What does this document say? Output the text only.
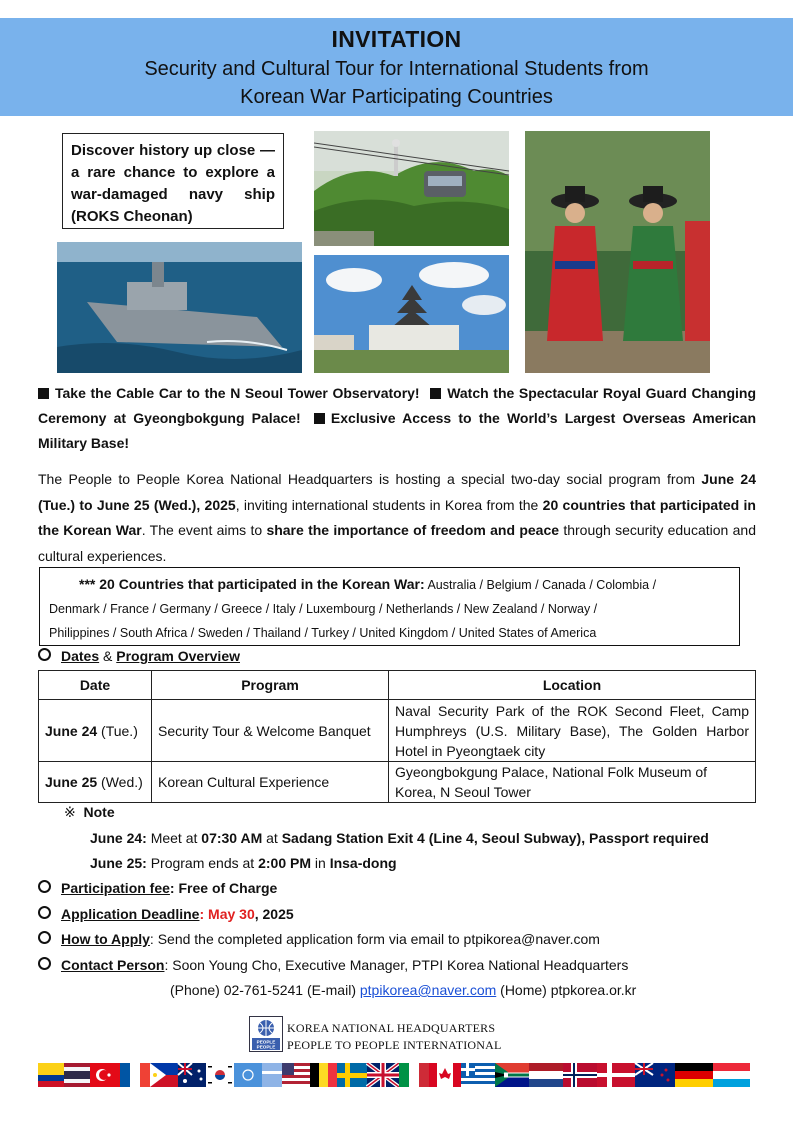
INVITATION
Security and Cultural Tour for International Students from
Korean War Participating Countries
Discover history up close — a rare chance to explore a war-damaged navy ship (ROKS Cheonan)
Take the Cable Car to the N Seoul Tower Observatory! Watch the Spectacular Royal Guard Changing Ceremony at Gyeongbokgung Palace! Exclusive Access to the World’s Largest Overseas American Military Base!
The People to People Korea National Headquarters is hosting a special two-day social program from June 24 (Tue.) to June 25 (Wed.), 2025, inviting international students in Korea from the 20 countries that participated in the Korean War. The event aims to share the importance of freedom and peace through security education and cultural experiences.
*** 20 Countries that participated in the Korean War: Australia / Belgium / Canada / Colombia /
Denmark / France / Germany / Greece / Italy / Luxembourg / Netherlands / New Zealand / Norway /
Philippines / South Africa / Sweden / Thailand / Turkey / United Kingdom / United States of America
Dates & Program Overview
Date	Program	Location
June 24 (Tue.)	Security Tour & Welcome Banquet	Naval Security Park of the ROK Second Fleet, Camp Humphreys (U.S. Military Base), The Golden Harbor Hotel in Pyeongtaek city
June 25 (Wed.)	Korean Cultural Experience	Gyeongbokgung Palace, National Folk Museum of Korea, N Seoul Tower
※ Note
June 24: Meet at 07:30 AM at Sadang Station Exit 4 (Line 4, Seoul Subway), Passport required
June 25: Program ends at 2:00 PM in Insa-dong
Participation fee: Free of Charge
Application Deadline: May 30, 2025
How to Apply: Send the completed application form via email to ptpikorea@naver.com
Contact Person: Soon Young Cho, Executive Manager, PTPI Korea National Headquarters
(Phone) 02-761-5241 (E-mail) ptpikorea@naver.com (Home) ptpkorea.or.kr
PEOPLE
PEOPLE
KOREA NATIONAL HEADQUARTERS
PEOPLE TO PEOPLE INTERNATIONAL
